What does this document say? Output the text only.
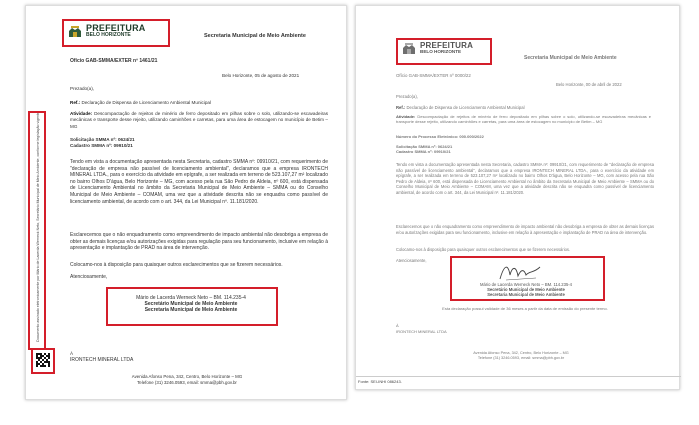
PREFEITURA
BELO HORIZONTE	Secretaria Municipal de Meio Ambiente
Ofício GAB-SMMA/EXTER nº 1461/21
Belo Horizonte, 05 de agosto de 2021
Prezado(a),
Ref.: Declaração de Dispensa de Licenciamento Ambiental Municipal
Atividade: Descompactação de rejeitos de minério de ferro depositado em pilhas sobre o solo, utilizando-se escavadeiras mecânicas e transporte desse rejeito, utilizando caminhões e carretas, para uma área de estocagem no município de Betim – MG
Solicitação SMMA nº: 0624/21
Cadastro SMMA nº: 09910/21
Tendo em vista a documentação apresentada nesta Secretaria, cadastro SMMA nº: 09910/21, com requerimento de "declaração de empresa não passível de licenciamento ambiental", declaramos que a empresa IRONTECH MINERAL LTDA., para o exercício da atividade em epígrafe, a ser realizada em terreno de 523.107,27 m² localizado no bairro Olhos D'água, Belo Horizonte – MG, com acesso pela rua São Pedro de Aldeia, nº 600, está dispensada de Licenciamento Ambiental no âmbito da Secretaria Municipal de Meio Ambiente – SMMA ou do Conselho Municipal de Meio Ambiente – COMAM, uma vez que a atividade descrita não se enquadra como passível de licenciamento ambiental, de acordo com o art. 344, da Lei Municipal nº. 11.181/2020.
Esclarecemos que o não enquadramento como empreendimento de impacto ambiental não desobriga a empresa de obter as demais licenças e/ou autorizações exigidas para regulação para seu funcionamento, inclusive em relação à apresentação e implantação de PRAD na área de intervenção.
Colocamo-nos à disposição para quaisquer outros esclarecimentos que se fizerem necessários.
Atenciosamente,
Mário de Lacerda Werneck Neto – BM. 114.235-4
Secretário Municipal de Meio Ambiente
Secretaria Municipal de Meio Ambiente
Documento assinado eletronicamente por Mário de Lacerda Werneck Neto, Secretário Municipal de Meio Ambiente, conforme legislação vigente.
À
IRONTECH MINERAL LTDA
Avenida Afonso Pena, 342, Centro, Belo Horizonte – MG
Telefone (31) 3246.0593, email: smma@pbh.gov.br
PREFEITURA
BELO HORIZONTE
Secretaria Municipal de Meio Ambiente
Ofício GAB-SMMA/EXTER nº 0000/22
Belo Horizonte, 00 de abril de 2022
Prezado(a),
Ref.: Declaração de Dispensa de Licenciamento Ambiental Municipal
Atividade: Descompactação de rejeitos de minério de ferro depositado em pilhas sobre o solo, utilizando-se escavadeiras mecânicas e transporte desse rejeito, utilizando caminhões e carretas, para uma área de estocagem no município de Betim – MG
Número do Processo Eletrônico: 000.000/2022
Solicitação SMMA nº: 0624/21
Cadastro SMMA nº: 09910/21
Tendo em vista a documentação apresentada nesta Secretaria, cadastro SMMA nº: 09910/21, com requerimento de "declaração de empresa não passível de licenciamento ambiental", declaramos que a empresa IRONTECH MINERAL LTDA., para o exercício da atividade em epígrafe, a ser realizada em terreno de 523.107,27 m² localizado no bairro Olhos D'água, Belo Horizonte – MG, com acesso pela rua São Pedro de Aldeia, nº 600, está dispensada de Licenciamento Ambiental no âmbito da Secretaria Municipal de Meio Ambiente – SMMA ou do Conselho Municipal de Meio Ambiente – COMAM, uma vez que a atividade descrita não se enquadra como passível de licenciamento ambiental, de acordo com o art. 344, da Lei Municipal nº. 11.181/2020.
Esclarecemos que o não enquadramento como empreendimento de impacto ambiental não desobriga a empresa de obter as demais licenças e/ou autorizações exigidas para seu funcionamento, inclusive em relação à apresentação e implantação de PRAD na área de intervenção.
Colocamo-nos à disposição para quaisquer outros esclarecimentos que se fizerem necessários.
Atenciosamente,
Mário de Lacerda Werneck Neto – BM. 114.235-4
Secretário Municipal de Meio Ambiente
Secretaria Municipal de Meio Ambiente
Esta declaração possui validade de 36 meses a partir da data de emissão do presente termo.
À
IRONTECH MINERAL LTDA
Avenida Afonso Pena, 342, Centro, Belo Horizonte – MG
Telefone (31) 3246.0593, email: smma@pbh.gov.br
Fonte: SEI-INHI 086243.
